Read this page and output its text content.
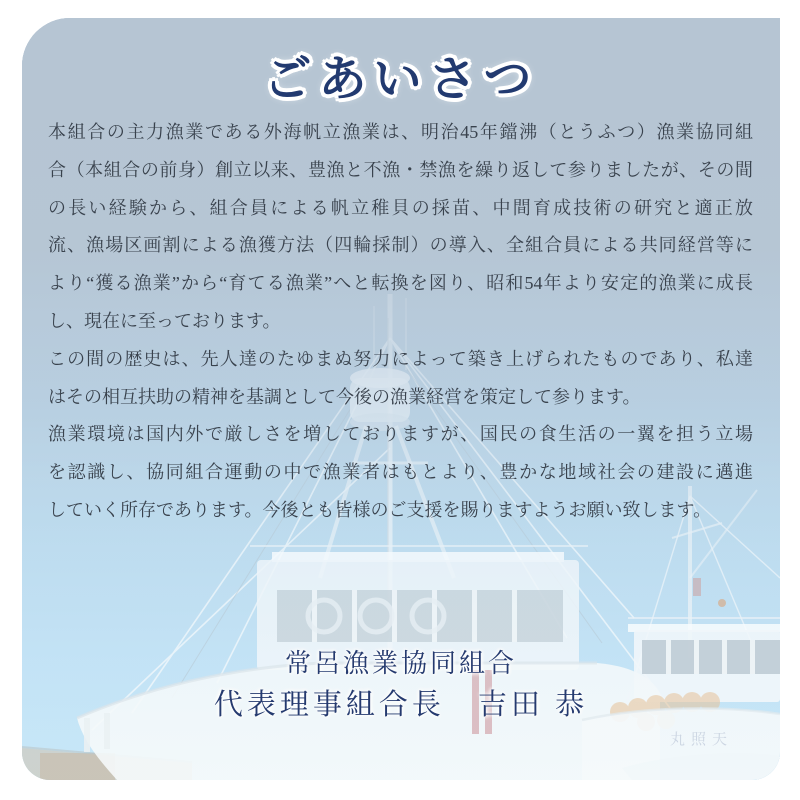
ごあいさつ
本組合の主力漁業である外海帆立漁業は、明治45年鐺沸（とうふつ）漁業協同組
合（本組合の前身）創立以来、豊漁と不漁・禁漁を繰り返して参りましたが、その間
の長い経験から、組合員による帆立稚貝の採苗、中間育成技術の研究と適正放
流、漁場区画割による漁獲方法（四輪採制）の導入、全組合員による共同経営等に
より“獲る漁業”から“育てる漁業”へと転換を図り、昭和54年より安定的漁業に成長
し、現在に至っております。
この間の歴史は、先人達のたゆまぬ努力によって築き上げられたものであり、私達
はその相互扶助の精神を基調として今後の漁業経営を策定して参ります。
漁業環境は国内外で厳しさを増しておりますが、国民の食生活の一翼を担う立場
を認識し、協同組合運動の中で漁業者はもとより、豊かな地域社会の建設に邁進
していく所存であります。今後とも皆様のご支援を賜りますようお願い致します。
常呂漁業協同組合
代表理事組合長　吉田 恭
